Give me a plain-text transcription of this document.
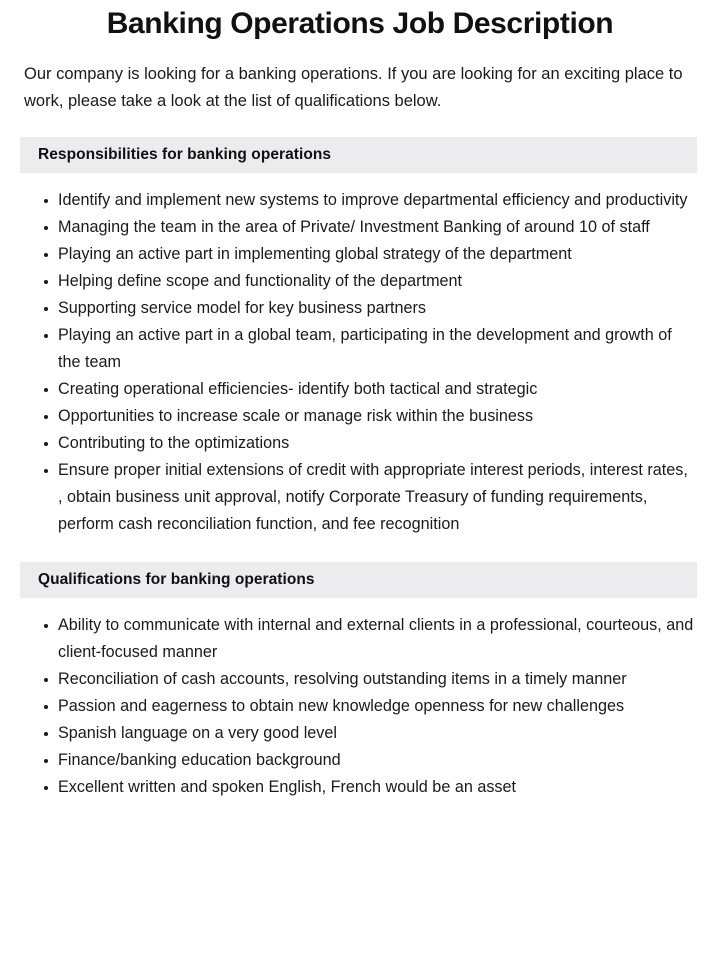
Banking Operations Job Description

Our company is looking for a banking operations. If you are looking for an exciting place to work, please take a look at the list of qualifications below.

Responsibilities for banking operations
Identify and implement new systems to improve departmental efficiency and productivity
Managing the team in the area of Private/ Investment Banking of around 10 of staff
Playing an active part in implementing global strategy of the department
Helping define scope and functionality of the department
Supporting service model for key business partners
Playing an active part in a global team, participating in the development and growth of the team
Creating operational efficiencies- identify both tactical and strategic
Opportunities to increase scale or manage risk within the business
Contributing to the optimizations
Ensure proper initial extensions of credit with appropriate interest periods, interest rates, , obtain business unit approval, notify Corporate Treasury of funding requirements, perform cash reconciliation function, and fee recognition
Qualifications for banking operations
Ability to communicate with internal and external clients in a professional, courteous, and client-focused manner
Reconciliation of cash accounts, resolving outstanding items in a timely manner
Passion and eagerness to obtain new knowledge openness for new challenges
Spanish language on a very good level
Finance/banking education background
Excellent written and spoken English, French would be an asset
